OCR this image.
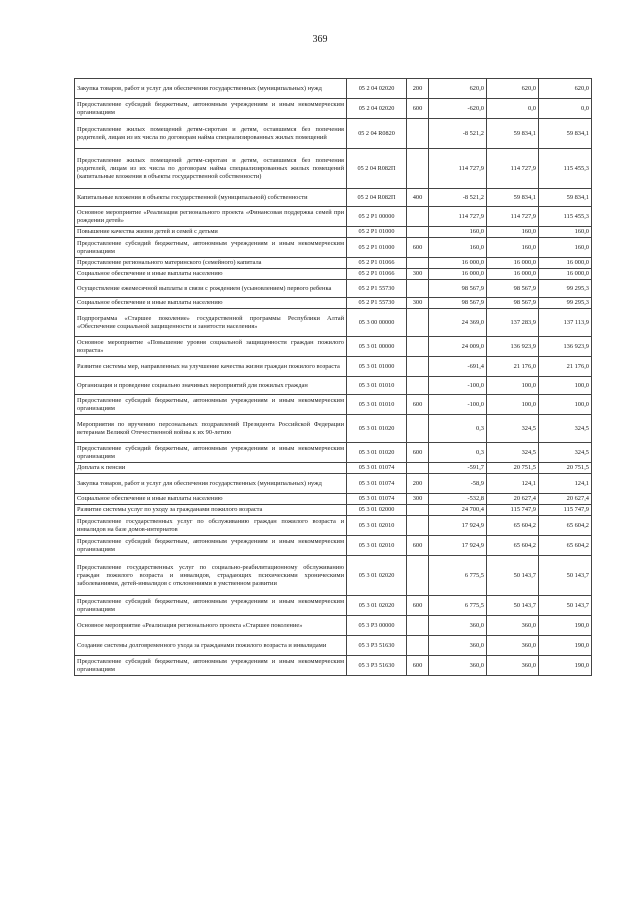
369
Закупка товаров, работ и услуг для обеспечения государственных (муниципальных) нужд	05 2 04 02020	200	620,0	620,0	620,0
Предоставление субсидий бюджетным, автономным учреждениям и иным некоммерческим организациям	05 2 04 02020	600	-620,0	0,0	0,0
Предоставление жилых помещений детям-сиротам и детям, оставшимся без попечения родителей, лицам из их числа по договорам найма специализированных жилых помещений	05 2 04 R0820		-8 521,2	59 834,1	59 834,1
Предоставление жилых помещений детям-сиротам и детям, оставшимся без попечения родителей, лицам из их числа по договорам найма специализированных жилых помещений (капитальные вложения в объекты государственной собственности)	05 2 04 R082П		114 727,9	114 727,9	115 455,3
Капитальные вложения в объекты государственной (муниципальной) собственности	05 2 04 R082П	400	-8 521,2	59 834,1	59 834,1
Основное мероприятие «Реализация регионального проекта «Финансовая поддержка семей при рождении детей»	05 2 P1 00000		114 727,9	114 727,9	115 455,3
Повышение качества жизни детей и семей с детьми	05 2 P1 01000		160,0	160,0	160,0
Предоставление субсидий бюджетным, автономным учреждениям и иным некоммерческим организациям	05 2 P1 01000	600	160,0	160,0	160,0
Предоставление регионального материнского (семейного) капитала	05 2 P1 01066		16 000,0	16 000,0	16 000,0
Социальное обеспечение и иные выплаты населению	05 2 P1 01066	300	16 000,0	16 000,0	16 000,0
Осуществление ежемесячной выплаты в связи с рождением (усыновлением) первого ребенка	05 2 P1 55730		98 567,9	98 567,9	99 295,3
Социальное обеспечение и иные выплаты населению	05 2 P1 55730	300	98 567,9	98 567,9	99 295,3
Подпрограмма «Старшее поколение» государственной программы Республики Алтай «Обеспечение социальной защищенности и занятости населения»	05 3 00 00000		24 369,0	137 283,9	137 113,9
Основное мероприятие «Повышение уровня социальной защищенности граждан пожилого возраста»	05 3 01 00000		24 009,0	136 923,9	136 923,9
Развитие системы мер, направленных на улучшение качества жизни граждан пожилого возраста	05 3 01 01000		-691,4	21 176,0	21 176,0
Организация и проведение социально значимых мероприятий для пожилых граждан	05 3 01 01010		-100,0	100,0	100,0
Предоставление субсидий бюджетным, автономным учреждениям и иным некоммерческим организациям	05 3 01 01010	600	-100,0	100,0	100,0
Мероприятия по вручению персональных поздравлений Президента Российской Федерации ветеранам Великой Отечественной войны к их 90-летию	05 3 01 01020		0,3	324,5	324,5
Предоставление субсидий бюджетным, автономным учреждениям и иным некоммерческим организациям	05 3 01 01020	600	0,3	324,5	324,5
Доплата к пенсии	05 3 01 01074		-591,7	20 751,5	20 751,5
Закупка товаров, работ и услуг для обеспечения государственных (муниципальных) нужд	05 3 01 01074	200	-58,9	124,1	124,1
Социальное обеспечение и иные выплаты населению	05 3 01 01074	300	-532,8	20 627,4	20 627,4
Развитие системы услуг по уходу за гражданами пожилого возраста	05 3 01 02000		24 700,4	115 747,9	115 747,9
Предоставление государственных услуг по обслуживанию граждан пожилого возраста и инвалидов на базе домов-интернатов	05 3 01 02010		17 924,9	65 604,2	65 604,2
Предоставление субсидий бюджетным, автономным учреждениям и иным некоммерческим организациям	05 3 01 02010	600	17 924,9	65 604,2	65 604,2
Предоставление государственных услуг по социально-реабилитационному обслуживанию граждан пожилого возраста и инвалидов, страдающих психическими хроническими заболеваниями, детей-инвалидов с отклонениями в умственном развитии	05 3 01 02020		6 775,5	50 143,7	50 143,7
Предоставление субсидий бюджетным, автономным учреждениям и иным некоммерческим организациям	05 3 01 02020	600	6 775,5	50 143,7	50 143,7
Основное мероприятие «Реализация регионального проекта «Старшее поколение»	05 3 P3 00000		360,0	360,0	190,0
Создание системы долговременного ухода за гражданами пожилого возраста и инвалидами	05 3 P3 51630		360,0	360,0	190,0
Предоставление субсидий бюджетным, автономным учреждениям и иным некоммерческим организациям	05 3 P3 51630	600	360,0	360,0	190,0
